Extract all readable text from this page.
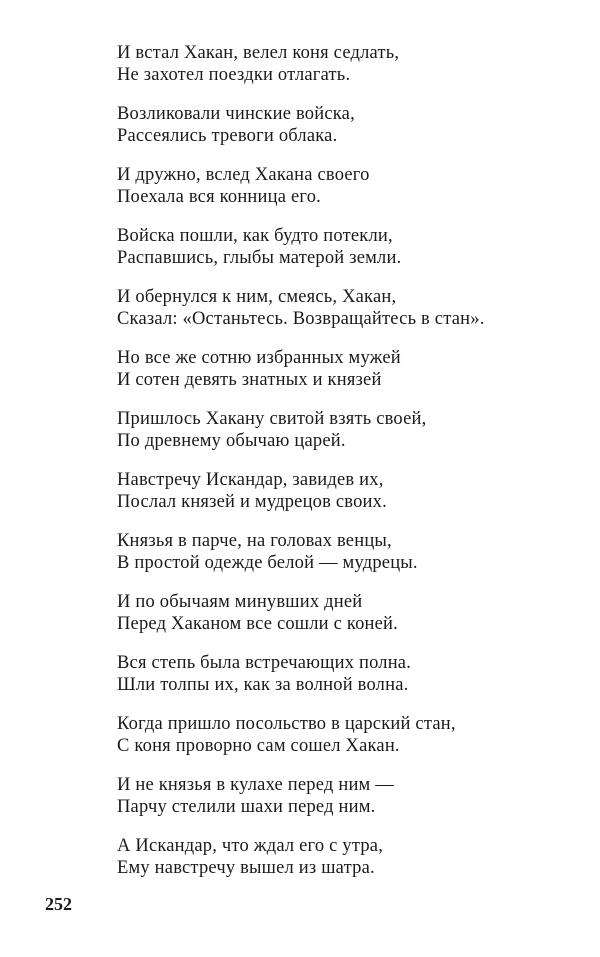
И встал Хакан, велел коня седлать,
Не захотел поездки отлагать.
Возликовали чинские войска,
Рассеялись тревоги облака.
И дружно, вслед Хакана своего
Поехала вся конница его.
Войска пошли, как будто потекли,
Распавшись, глыбы матерой земли.
И обернулся к ним, смеясь, Хакан,
Сказал: «Останьтесь. Возвращайтесь в стан».
Но все же сотню избранных мужей
И сотен девять знатных и князей
Пришлось Хакану свитой взять своей,
По древнему обычаю царей.
Навстречу Искандар, завидев их,
Послал князей и мудрецов своих.
Князья в парче, на головах венцы,
В простой одежде белой — мудрецы.
И по обычаям минувших дней
Перед Хаканом все сошли с коней.
Вся степь была встречающих полна.
Шли толпы их, как за волной волна.
Когда пришло посольство в царский стан,
С коня проворно сам сошел Хакан.
И не князья в кулахе перед ним —
Парчу стелили шахи перед ним.
А Искандар, что ждал его с утра,
Ему навстречу вышел из шатра.
252
